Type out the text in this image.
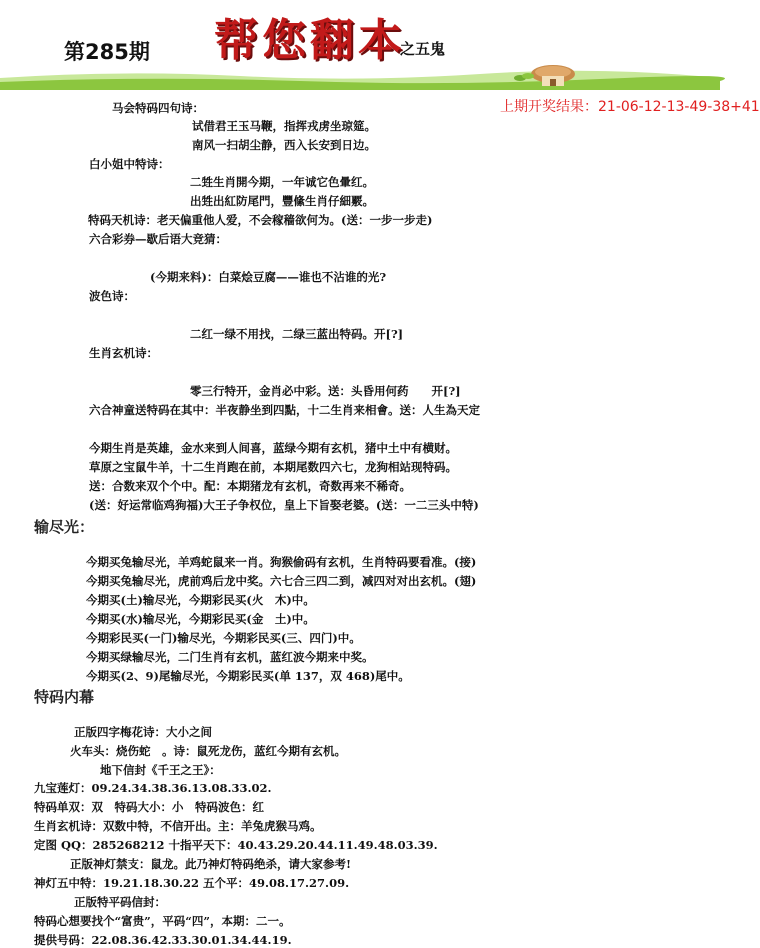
第285期 帮您翻本
之五鬼
上期开奖结果：21-06-12-13-49-38+41
马会特码四句诗：
试借君王玉马鞭，指挥戎虏坐琼筵。
南风一扫胡尘静，西入长安到日边。
白小姐中特诗：
二甡生肖開今期，一年诚它色暈红。
出甡出紅防尾門，豐絛生肖仔細覈。
特码天机诗：老天偏重他人爱，不会稼穑欲何为。(送：一步一步走)
六合彩券—歇后语大竞猜：
(今期来料)：白菜烩豆腐——谁也不沾谁的光?
波色诗：
二红一绿不用找，二绿三蓝出特码。开[?]
生肖玄机诗：
零三行特开，金肖必中彩。送：头昏用何药　　开[?]
六合神童送特码在其中：半夜静坐到四點，十二生肖来相會。送：人生為天定
今期生肖是英雄，金水来到人间喜，蓝绿今期有玄机，猪中土中有横财。
草原之宝鼠牛羊，十二生肖跑在前，本期尾数四六七，龙狗相站现特码。
送：合数来双个个中。配：本期猪龙有玄机，奇数再来不稀奇。
(送：好运常临鸡狗福)大王子争权位，皇上下旨娶老婆。(送：一二三头中特)
今期买兔输尽光，羊鸡蛇鼠来一肖。狗猴偷码有玄机，生肖特码要看准。(接)
今期买兔输尽光，虎前鸡后龙中奖。六七合三四二到，减四对对出玄机。(翅)
今期买(土)输尽光，今期彩民买(火　木)中。
今期买(水)输尽光，今期彩民买(金　土)中。
今期彩民买(一门)输尽光，今期彩民买(三、四门)中。
今期买绿输尽光，二门生肖有玄机，蓝红波今期来中奖。
今期买(2、9)尾输尽光，今期彩民买(单 137，双 468)尾中。
正版四字梅花诗：大小之间
火车头：烧伤蛇　。诗：鼠死龙伤，蓝红今期有玄机。
地下信封《千王之王》：
九宝莲灯：09.24.34.38.36.13.08.33.02.
特码单双：双　特码大小：小　特码波色：红
生肖玄机诗：双数中特，不信开出。主：羊兔虎猴马鸡。
定图 QQ：285268212 十指平天下：40.43.29.20.44.11.49.48.03.39.
正版神灯禁支：鼠龙。此乃神灯特码绝杀，请大家参考!
神灯五中特：19.21.18.30.22 五个平：49.08.17.27.09.
正版特平码信封：
特码心想要找个“富贵”，平码“四”，本期：二一。
提供号码：22.08.36.42.33.30.01.34.44.19.
输尽光：
特码内幕
